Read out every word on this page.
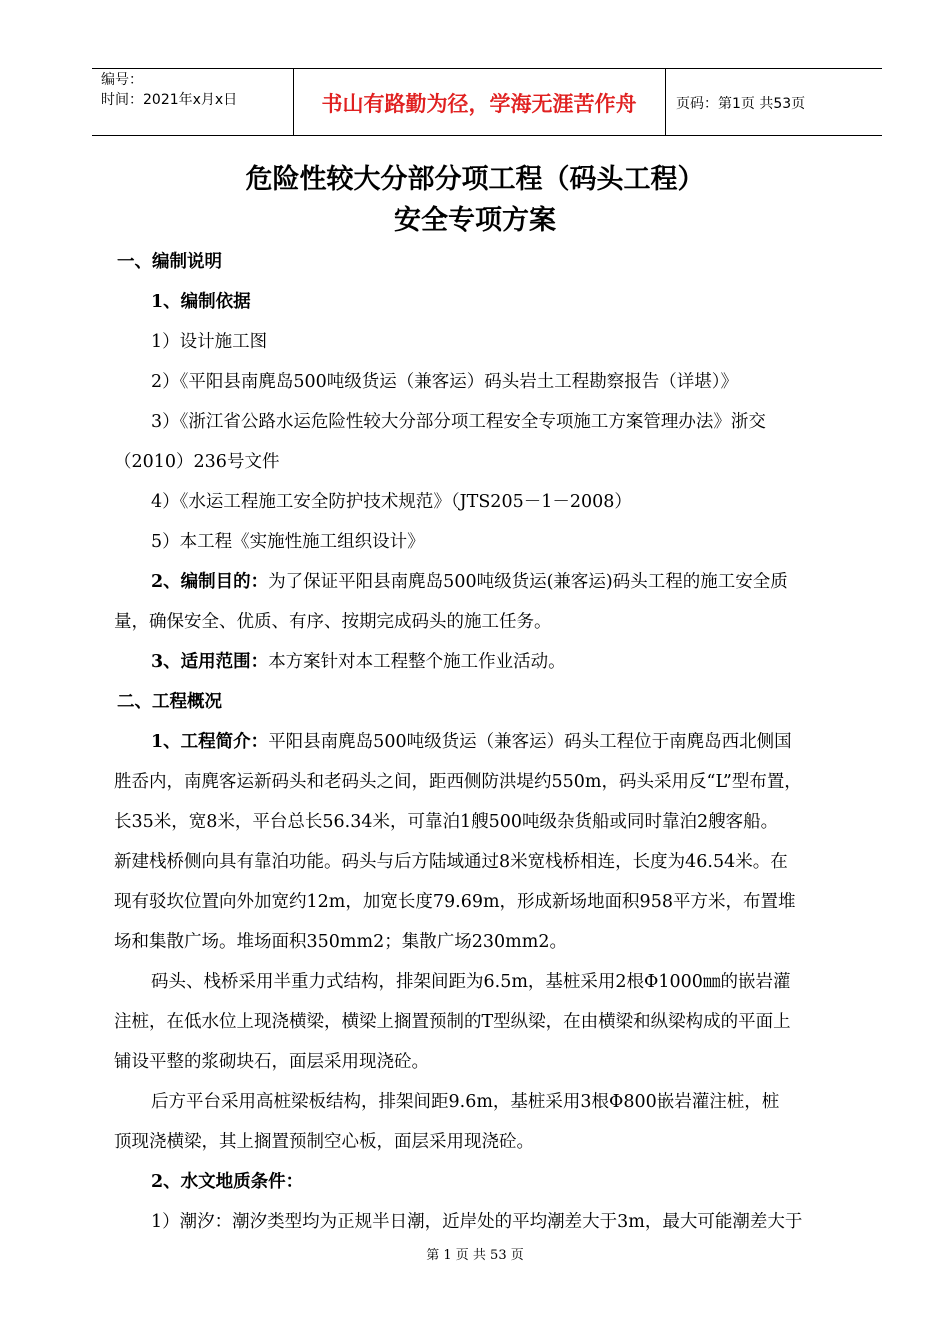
编号：
时间：2021年x月x日	书山有路勤为径，学海无涯苦作舟	页码：第1页 共53页
危险性较大分部分项工程（码头工程）
安全专项方案
一、编制说明
1、编制依据
1）设计施工图
2）《平阳县南麂岛500吨级货运（兼客运）码头岩土工程勘察报告（详堪）》
3）《浙江省公路水运危险性较大分部分项工程安全专项施工方案管理办法》浙交
（2010）236号文件
4）《水运工程施工安全防护技术规范》（JTS205－1－2008）
5）本工程《实施性施工组织设计》
2、编制目的：为了保证平阳县南麂岛500吨级货运(兼客运)码头工程的施工安全质
量，确保安全、优质、有序、按期完成码头的施工任务。
3、适用范围：本方案针对本工程整个施工作业活动。
二、工程概况
1、工程简介：平阳县南麂岛500吨级货运（兼客运）码头工程位于南麂岛西北侧国
胜岙内，南麂客运新码头和老码头之间，距西侧防洪堤约550m，码头采用反“L”型布置，
长35米，宽8米，平台总长56.34米，可靠泊1艘500吨级杂货船或同时靠泊2艘客船。
新建栈桥侧向具有靠泊功能。码头与后方陆域通过8米宽栈桥相连，长度为46.54米。在
现有驳坎位置向外加宽约12m，加宽长度79.69m，形成新场地面积958平方米，布置堆
场和集散广场。堆场面积350mm2；集散广场230mm2。
码头、栈桥采用半重力式结构，排架间距为6.5m，基桩采用2根Φ1000㎜的嵌岩灌
注桩，在低水位上现浇横梁，横梁上搁置预制的T型纵梁，在由横梁和纵梁构成的平面上
铺设平整的浆砌块石，面层采用现浇砼。
后方平台采用高桩梁板结构，排架间距9.6m，基桩采用3根Φ800嵌岩灌注桩，桩
顶现浇横梁，其上搁置预制空心板，面层采用现浇砼。
2、水文地质条件：
1）潮汐：潮汐类型均为正规半日潮，近岸处的平均潮差大于3m，最大可能潮差大于
第 1 页 共 53 页
